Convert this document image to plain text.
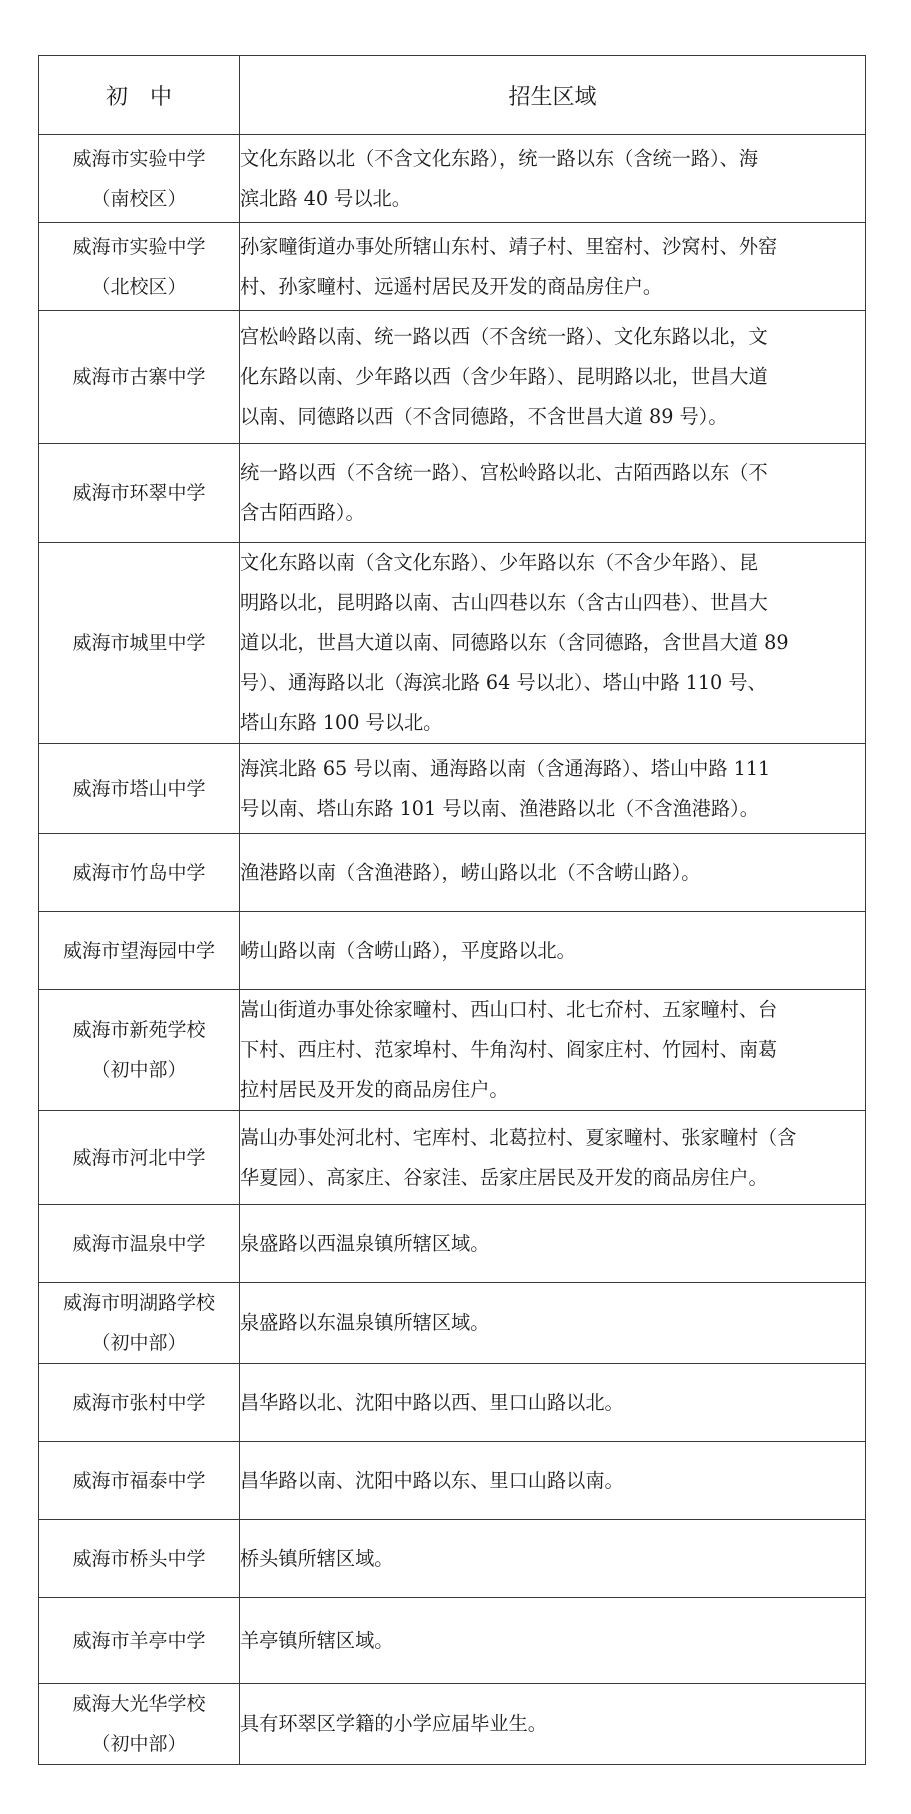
初　中	招生区域

威海市实验中学
（南校区）	文化东路以北（不含文化东路），统一路以东（含统一路）、海
滨北路 40 号以北。

威海市实验中学
（北校区）	孙家疃街道办事处所辖山东村、靖子村、里窑村、沙窝村、外窑
村、孙家疃村、远遥村居民及开发的商品房住户。

威海市古寨中学	宫松岭路以南、统一路以西（不含统一路）、文化东路以北，文
化东路以南、少年路以西（含少年路）、昆明路以北，世昌大道
以南、同德路以西（不含同德路，不含世昌大道 89 号）。

威海市环翠中学	统一路以西（不含统一路）、宫松岭路以北、古陌西路以东（不
含古陌西路）。

威海市城里中学	文化东路以南（含文化东路）、少年路以东（不含少年路）、昆
明路以北，昆明路以南、古山四巷以东（含古山四巷）、世昌大
道以北，世昌大道以南、同德路以东（含同德路，含世昌大道 89
号）、通海路以北（海滨北路 64 号以北）、塔山中路 110 号、
塔山东路 100 号以北。

威海市塔山中学	海滨北路 65 号以南、通海路以南（含通海路）、塔山中路 111
号以南、塔山东路 101 号以南、渔港路以北（不含渔港路）。

威海市竹岛中学	渔港路以南（含渔港路），崂山路以北（不含崂山路）。

威海市望海园中学	崂山路以南（含崂山路），平度路以北。

威海市新苑学校
（初中部）	嵩山街道办事处徐家疃村、西山口村、北七夼村、五家疃村、台
下村、西庄村、范家埠村、牛角沟村、阎家庄村、竹园村、南葛
拉村居民及开发的商品房住户。

威海市河北中学	嵩山办事处河北村、宅库村、北葛拉村、夏家疃村、张家疃村（含
华夏园）、高家庄、谷家洼、岳家庄居民及开发的商品房住户。

威海市温泉中学	泉盛路以西温泉镇所辖区域。

威海市明湖路学校
（初中部）	泉盛路以东温泉镇所辖区域。

威海市张村中学	昌华路以北、沈阳中路以西、里口山路以北。

威海市福泰中学	昌华路以南、沈阳中路以东、里口山路以南。

威海市桥头中学	桥头镇所辖区域。

威海市羊亭中学	羊亭镇所辖区域。

威海大光华学校
（初中部）	具有环翠区学籍的小学应届毕业生。
